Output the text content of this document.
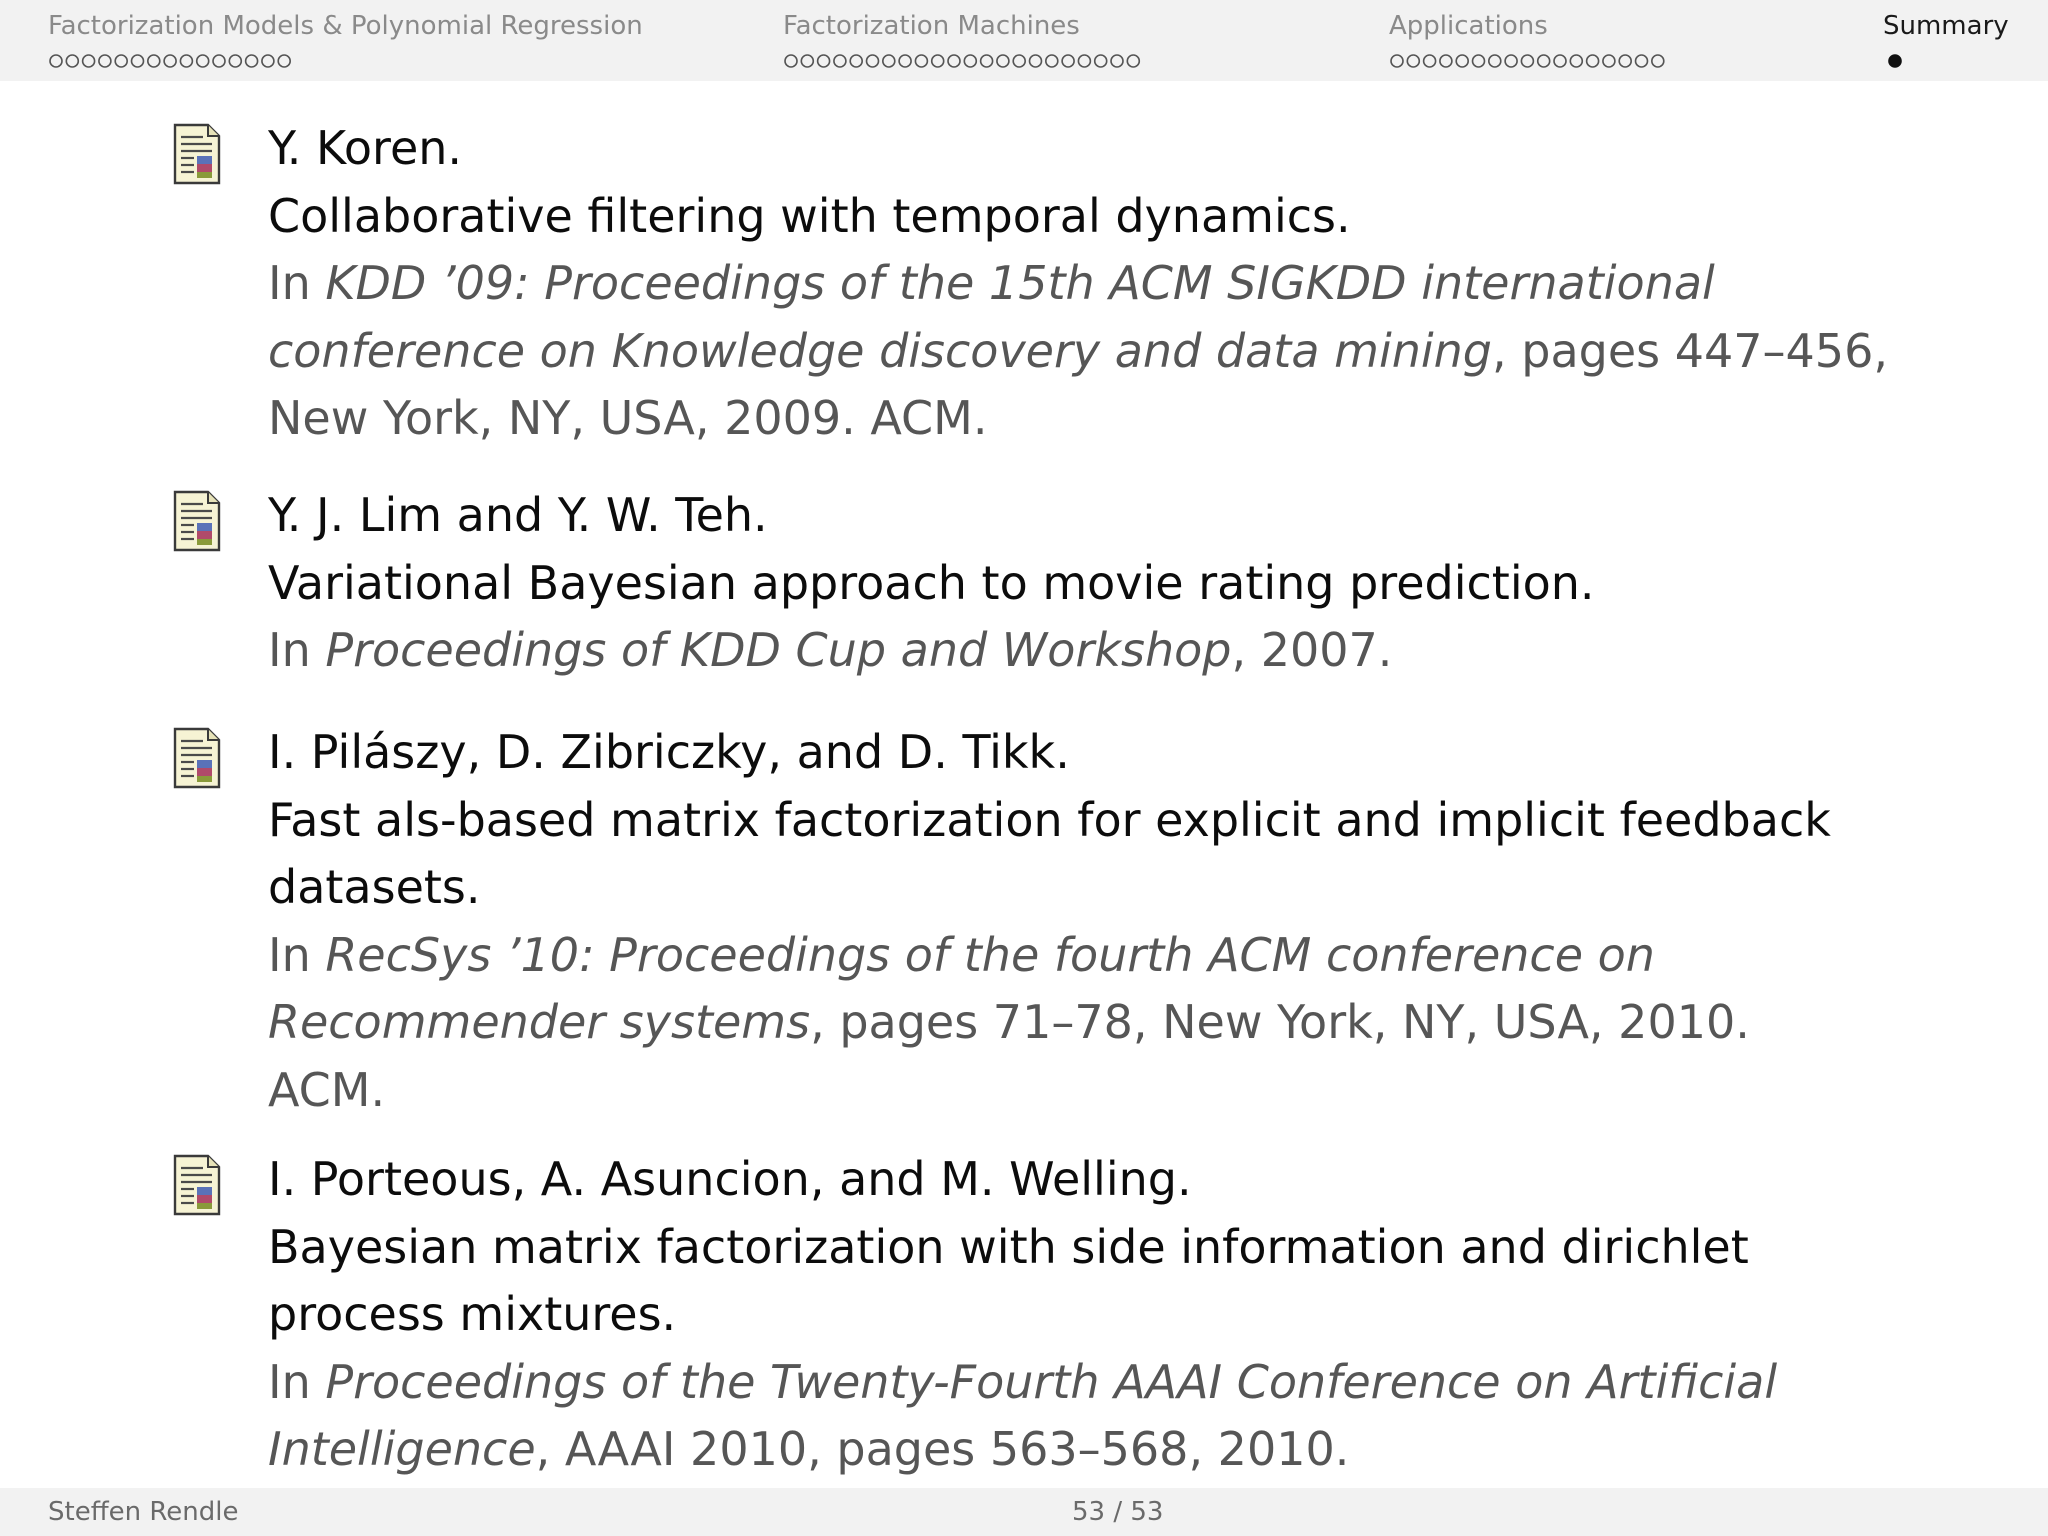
Factorization Models & Polynomial Regression	Factorization Machines	Applications	Summary
Y. Koren.
Collaborative filtering with temporal dynamics.
In KDD ’09: Proceedings of the 15th ACM SIGKDD international
conference on Knowledge discovery and data mining, pages 447–456,
New York, NY, USA, 2009. ACM.
Y. J. Lim and Y. W. Teh.
Variational Bayesian approach to movie rating prediction.
In Proceedings of KDD Cup and Workshop, 2007.
I. Pilászy, D. Zibriczky, and D. Tikk.
Fast als-based matrix factorization for explicit and implicit feedback
datasets.
In RecSys ’10: Proceedings of the fourth ACM conference on
Recommender systems, pages 71–78, New York, NY, USA, 2010.
ACM.
I. Porteous, A. Asuncion, and M. Welling.
Bayesian matrix factorization with side information and dirichlet
process mixtures.
In Proceedings of the Twenty-Fourth AAAI Conference on Artificial
Intelligence, AAAI 2010, pages 563–568, 2010.
Steffen Rendle	53 / 53
